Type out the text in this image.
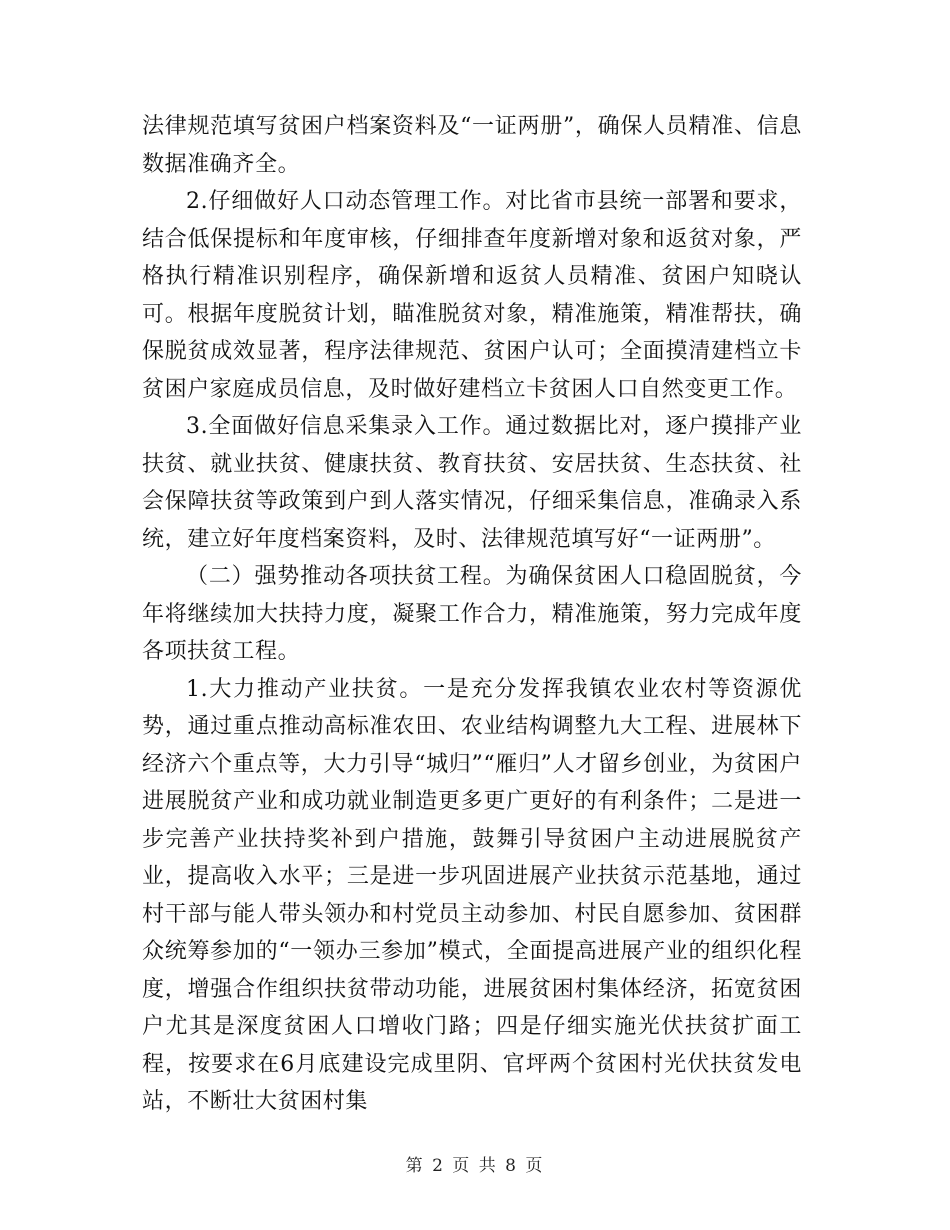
法律规范填写贫困户档案资料及“一证两册”，确保人员精准、信息数据准确齐全。

2.仔细做好人口动态管理工作。对比省市县统一部署和要求，结合低保提标和年度审核，仔细排查年度新增对象和返贫对象，严格执行精准识别程序，确保新增和返贫人员精准、贫困户知晓认可。根据年度脱贫计划，瞄准脱贫对象，精准施策，精准帮扶，确保脱贫成效显著，程序法律规范、贫困户认可；全面摸清建档立卡贫困户家庭成员信息，及时做好建档立卡贫困人口自然变更工作。

3.全面做好信息采集录入工作。通过数据比对，逐户摸排产业扶贫、就业扶贫、健康扶贫、教育扶贫、安居扶贫、生态扶贫、社会保障扶贫等政策到户到人落实情况，仔细采集信息，准确录入系统，建立好年度档案资料，及时、法律规范填写好“一证两册”。

（二）强势推动各项扶贫工程。为确保贫困人口稳固脱贫，今年将继续加大扶持力度，凝聚工作合力，精准施策，努力完成年度各项扶贫工程。

1.大力推动产业扶贫。一是充分发挥我镇农业农村等资源优势，通过重点推动高标准农田、农业结构调整九大工程、进展林下经济六个重点等，大力引导“城归”“雁归”人才留乡创业，为贫困户进展脱贫产业和成功就业制造更多更广更好的有利条件；二是进一步完善产业扶持奖补到户措施，鼓舞引导贫困户主动进展脱贫产业，提高收入水平；三是进一步巩固进展产业扶贫示范基地，通过村干部与能人带头领办和村党员主动参加、村民自愿参加、贫困群众统筹参加的“一领办三参加”模式，全面提高进展产业的组织化程度，增强合作组织扶贫带动功能，进展贫困村集体经济，拓宽贫困户尤其是深度贫困人口增收门路；四是仔细实施光伏扶贫扩面工程，按要求在6月底建设完成里阴、官坪两个贫困村光伏扶贫发电站，不断壮大贫困村集

第 2 页 共 8 页
